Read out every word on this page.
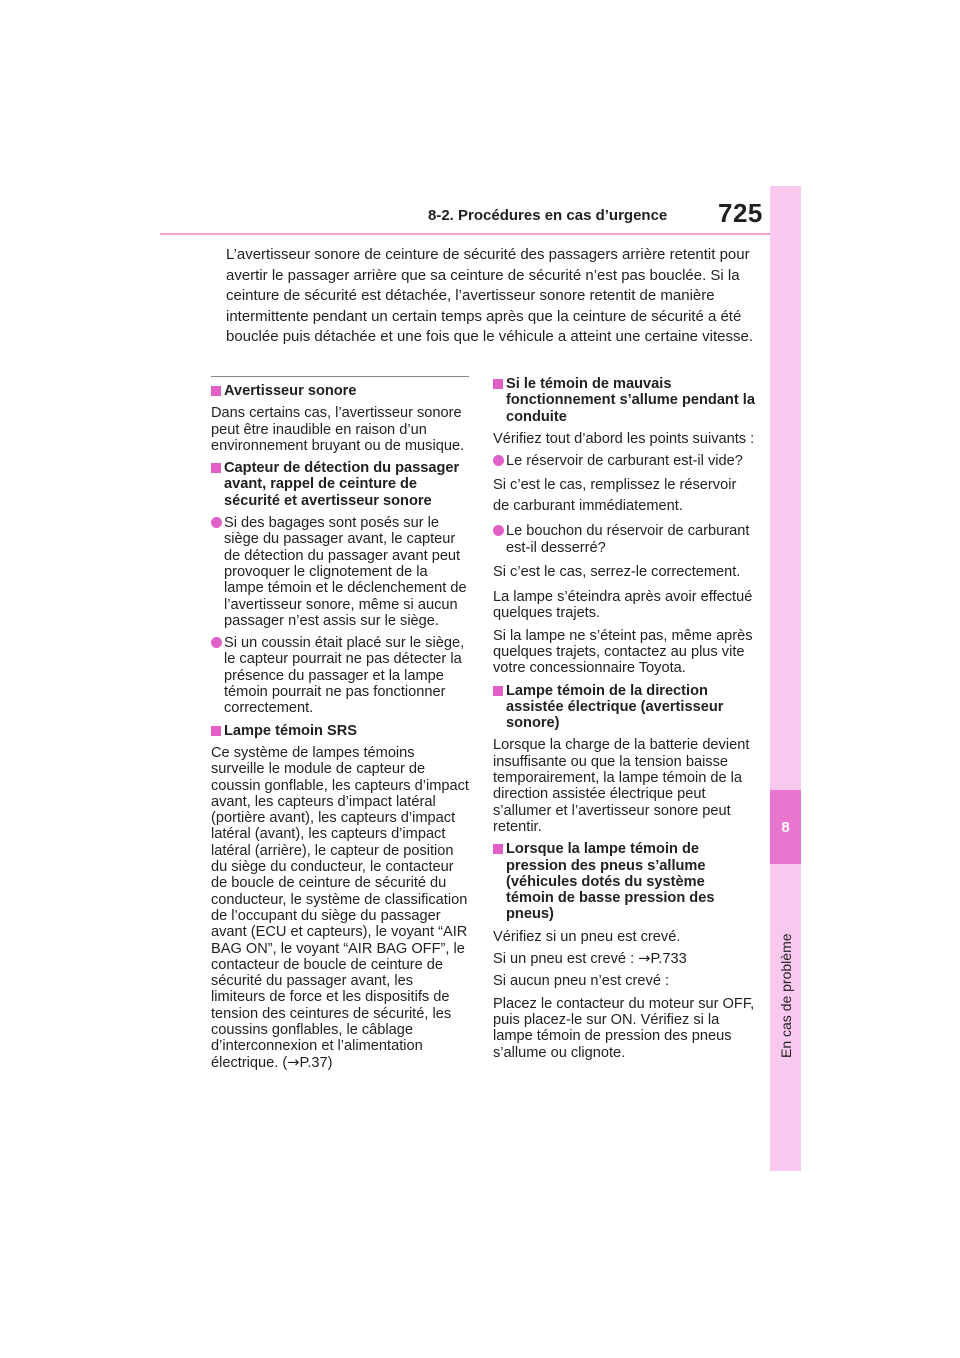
8-2. Procédures en cas d’urgence 725
8
En cas de problème
L’avertisseur sonore de ceinture de sécurité des passagers arrière retentit pour avertir le passager arrière que sa ceinture de sécurité n’est pas bouclée. Si la ceinture de sécurité est détachée, l’avertisseur sonore retentit de manière intermittente pendant un certain temps après que la ceinture de sécurité a été bouclée puis détachée et une fois que le véhicule a atteint une certaine vitesse.
Avertisseur sonore

Dans certains cas, l’avertisseur sonore peut être inaudible en raison d’un environnement bruyant ou de musique.

Capteur de détection du passager avant, rappel de ceinture de sécurité et avertisseur sonore
Si des bagages sont posés sur le siège du passager avant, le capteur de détection du passager avant peut provoquer le clignotement de la lampe témoin et le déclenchement de l’avertisseur sonore, même si aucun passager n’est assis sur le siège.
Si un coussin était placé sur le siège, le capteur pourrait ne pas détecter la présence du passager et la lampe témoin pourrait ne pas fonctionner correctement.
Lampe témoin SRS

Ce système de lampes témoins surveille le module de capteur de coussin gonflable, les capteurs d’impact avant, les capteurs d’impact latéral (portière avant), les capteurs d’impact latéral (avant), les capteurs d’impact latéral (arrière), le capteur de position du siège du conducteur, le contacteur de boucle de ceinture de sécurité du conducteur, le système de classification de l’occupant du siège du passager avant (ECU et capteurs), le voyant “AIR BAG ON”, le voyant “AIR BAG OFF”, le contacteur de boucle de ceinture de sécurité du passager avant, les limiteurs de force et les dispositifs de tension des ceintures de sécurité, les coussins gonflables, le câblage d’interconnexion et l’alimentation électrique. (→P.37)

Si le témoin de mauvais fonctionnement s’allume pendant la conduite

Vérifiez tout d’abord les points suivants :

Le réservoir de carburant est-il vide?

Si c’est le cas, remplissez le réservoir de carburant immédiatement.

Le bouchon du réservoir de carburant est-il desserré?

Si c’est le cas, serrez-le correctement.

La lampe s’éteindra après avoir effectué quelques trajets.

Si la lampe ne s’éteint pas, même après quelques trajets, contactez au plus vite votre concessionnaire Toyota.

Lampe témoin de la direction assistée électrique (avertisseur sonore)

Lorsque la charge de la batterie devient insuffisante ou que la tension baisse temporairement, la lampe témoin de la direction assistée électrique peut s’allumer et l’avertisseur sonore peut retentir.

Lorsque la lampe témoin de pression des pneus s’allume (véhicules dotés du système témoin de basse pression des pneus)

Vérifiez si un pneu est crevé.

Si un pneu est crevé : →P.733

Si aucun pneu n’est crevé :

Placez le contacteur du moteur sur OFF, puis placez-le sur ON. Vérifiez si la lampe témoin de pression des pneus s’allume ou clignote.
